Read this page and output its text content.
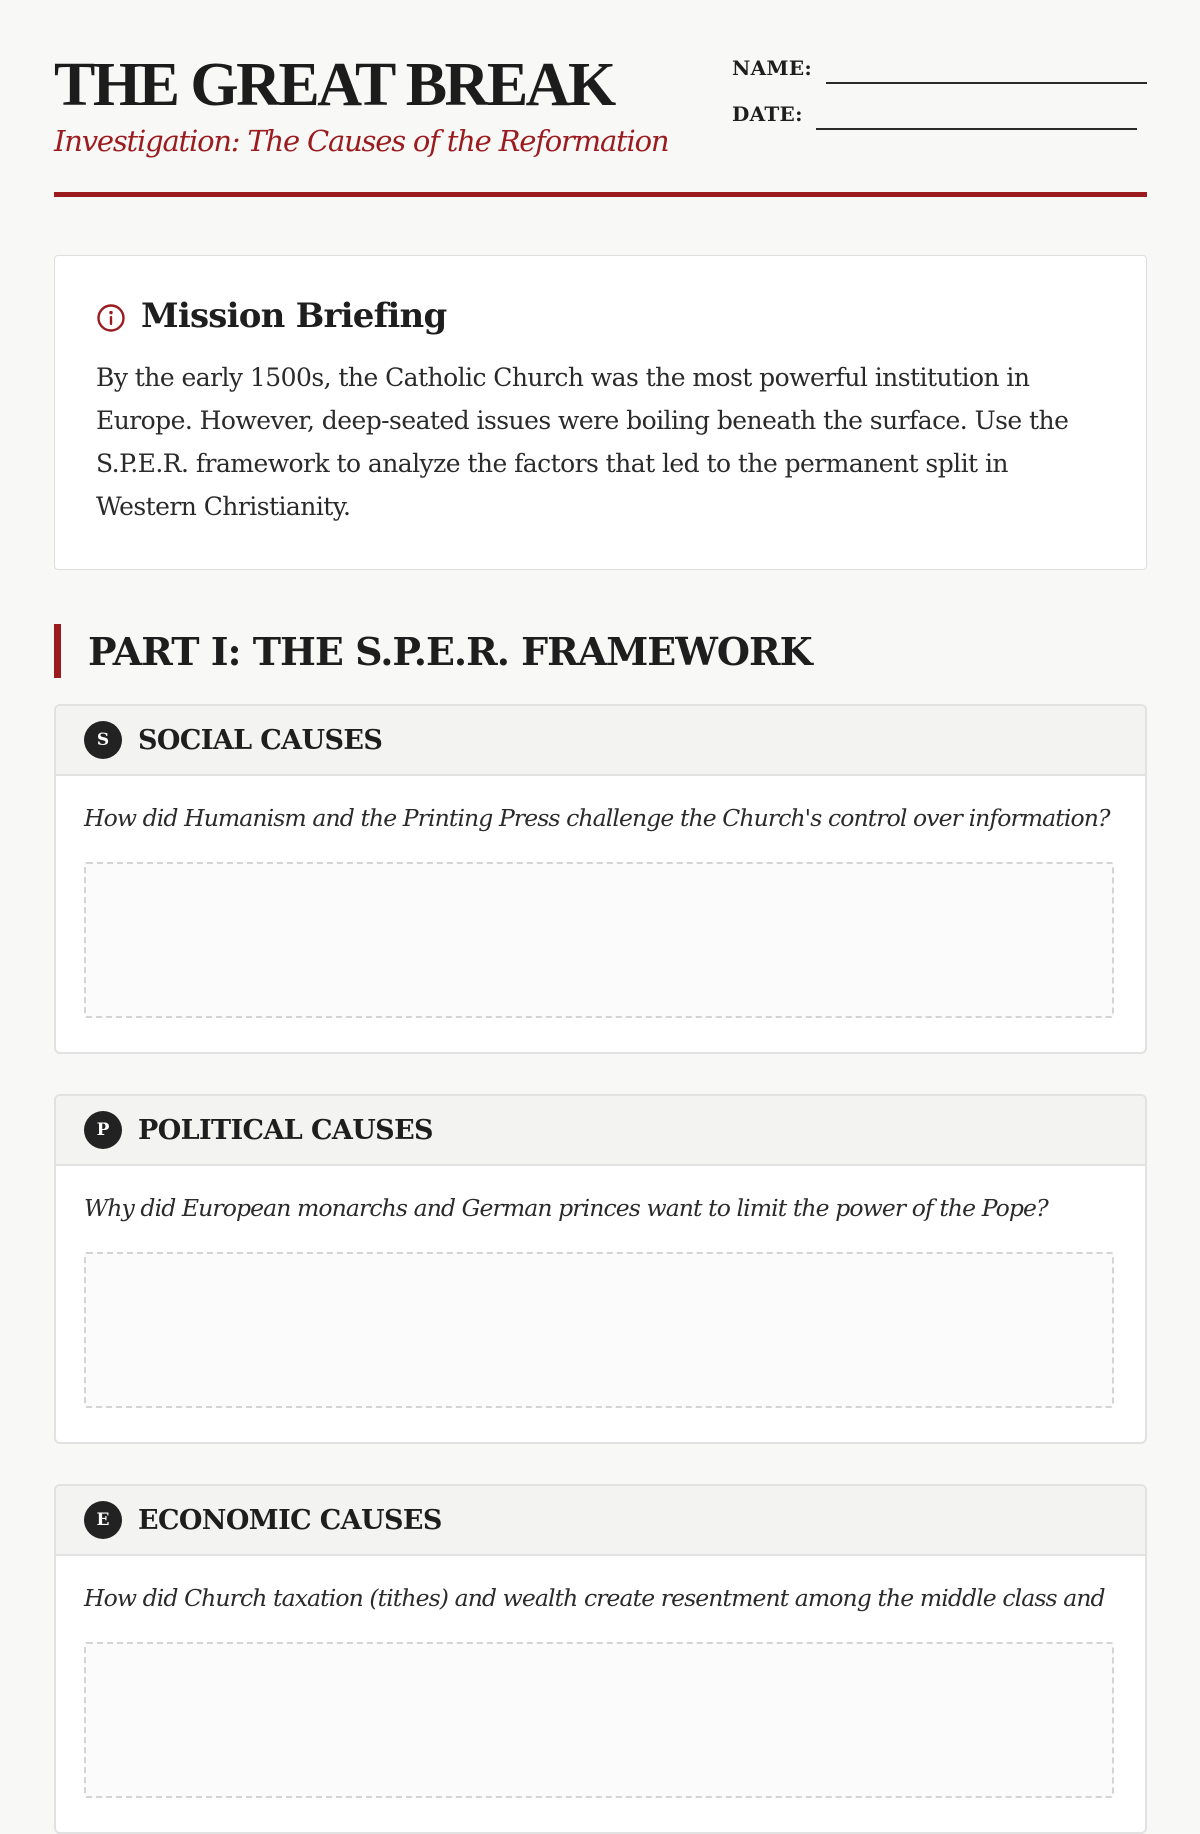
THE GREAT BREAK
Investigation: The Causes of the Reformation
NAME:
DATE:
Mission Briefing

By the early 1500s, the Catholic Church was the most powerful institution in Europe. However, deep-seated issues were boiling beneath the surface. Use the S.P.E.R. framework to analyze the factors that led to the permanent split in Western Christianity.

PART I: THE S.P.E.R. FRAMEWORK
S	SOCIAL CAUSES

How did Humanism and the Printing Press challenge the Church's control over information?

P	POLITICAL CAUSES

Why did European monarchs and German princes want to limit the power of the Pope?

E	ECONOMIC CAUSES

How did Church taxation (tithes) and wealth create resentment among the middle class and
